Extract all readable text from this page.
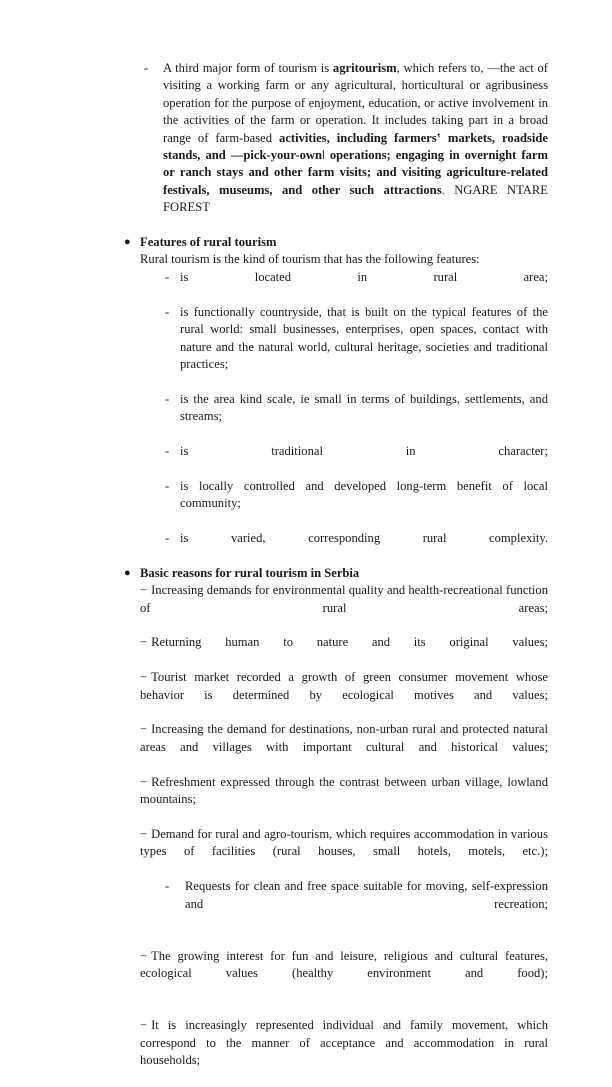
- A third major form of tourism is agritourism, which refers to, ―the act of visiting a working farm or any agricultural, horticultural or agribusiness operation for the purpose of enjoyment, education, or active involvement in the activities of the farm or operation. It includes taking part in a broad range of farm-based activities, including farmers‛ markets, roadside stands, and ―pick-your-ownǀ operations; engaging in overnight farm or ranch stays and other farm visits; and visiting agriculture-related festivals, museums, and other such attractions. NGARE NTARE FOREST

● Features of rural tourism

Rural tourism is the kind of tourism that has the following features:

- is located in rural area;

- is functionally countryside, that is built on the typical features of the rural world: small businesses, enterprises, open spaces, contact with nature and the natural world, cultural heritage, societies and traditional practices;

- is the area kind scale, ie small in terms of buildings, settlements, and streams;

- is traditional in character;

- is locally controlled and developed long-term benefit of local community;

- is varied, corresponding rural complexity.

● Basic reasons for rural tourism in Serbia

− Increasing demands for environmental quality and health-recreational function of rural areas;

− Returning human to nature and its original values;

− Tourist market recorded a growth of green consumer movement whose behavior is determined by ecological motives and values;

− Increasing the demand for destinations, non-urban rural and protected natural areas and villages with important cultural and historical values;

− Refreshment expressed through the contrast between urban village, lowland mountains;

− Demand for rural and agro-tourism, which requires accommodation in various types of facilities (rural houses, small hotels, motels, etc.);

- Requests for clean and free space suitable for moving, self-expression and recreation;

− The growing interest for fun and leisure, religious and cultural features, ecological values (healthy environment and food);

− It is increasingly represented individual and family movement, which correspond to the manner of acceptance and accommodation in rural households;
